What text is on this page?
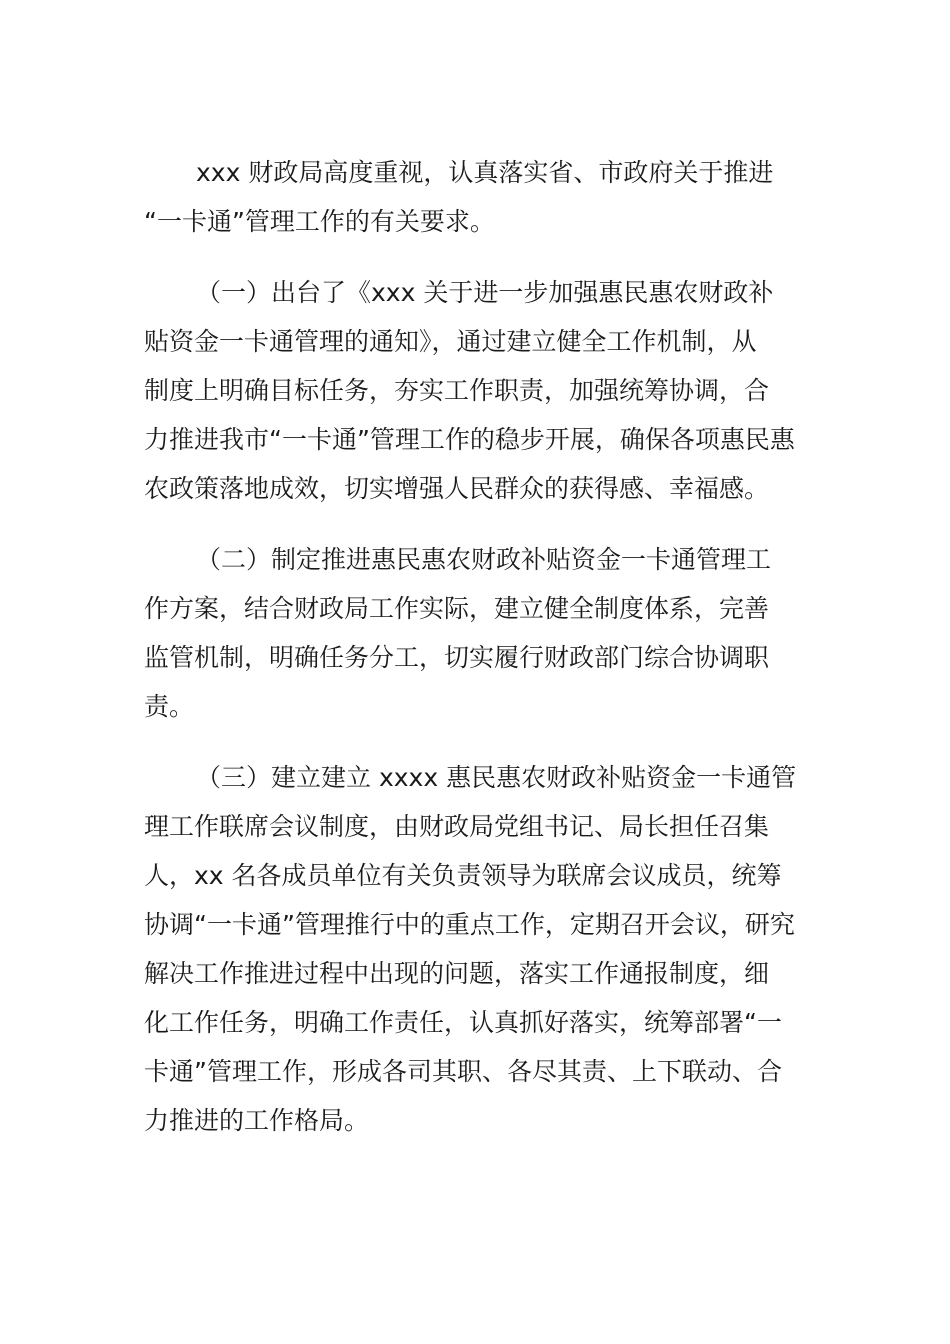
xxx 财政局高度重视，认真落实省、市政府关于推进
“一卡通”管理工作的有关要求。
（一）出台了《xxx 关于进一步加强惠民惠农财政补
贴资金一卡通管理的通知》，通过建立健全工作机制，从
制度上明确目标任务，夯实工作职责，加强统筹协调，合
力推进我市“一卡通”管理工作的稳步开展，确保各项惠民惠
农政策落地成效，切实增强人民群众的获得感、幸福感。
（二）制定推进惠民惠农财政补贴资金一卡通管理工
作方案，结合财政局工作实际，建立健全制度体系，完善
监管机制，明确任务分工，切实履行财政部门综合协调职
责。
（三）建立建立 xxxx 惠民惠农财政补贴资金一卡通管
理工作联席会议制度，由财政局党组书记、局长担任召集
人，xx 名各成员单位有关负责领导为联席会议成员，统筹
协调“一卡通”管理推行中的重点工作，定期召开会议，研究
解决工作推进过程中出现的问题，落实工作通报制度，细
化工作任务，明确工作责任，认真抓好落实，统筹部署“一
卡通”管理工作，形成各司其职、各尽其责、上下联动、合
力推进的工作格局。
